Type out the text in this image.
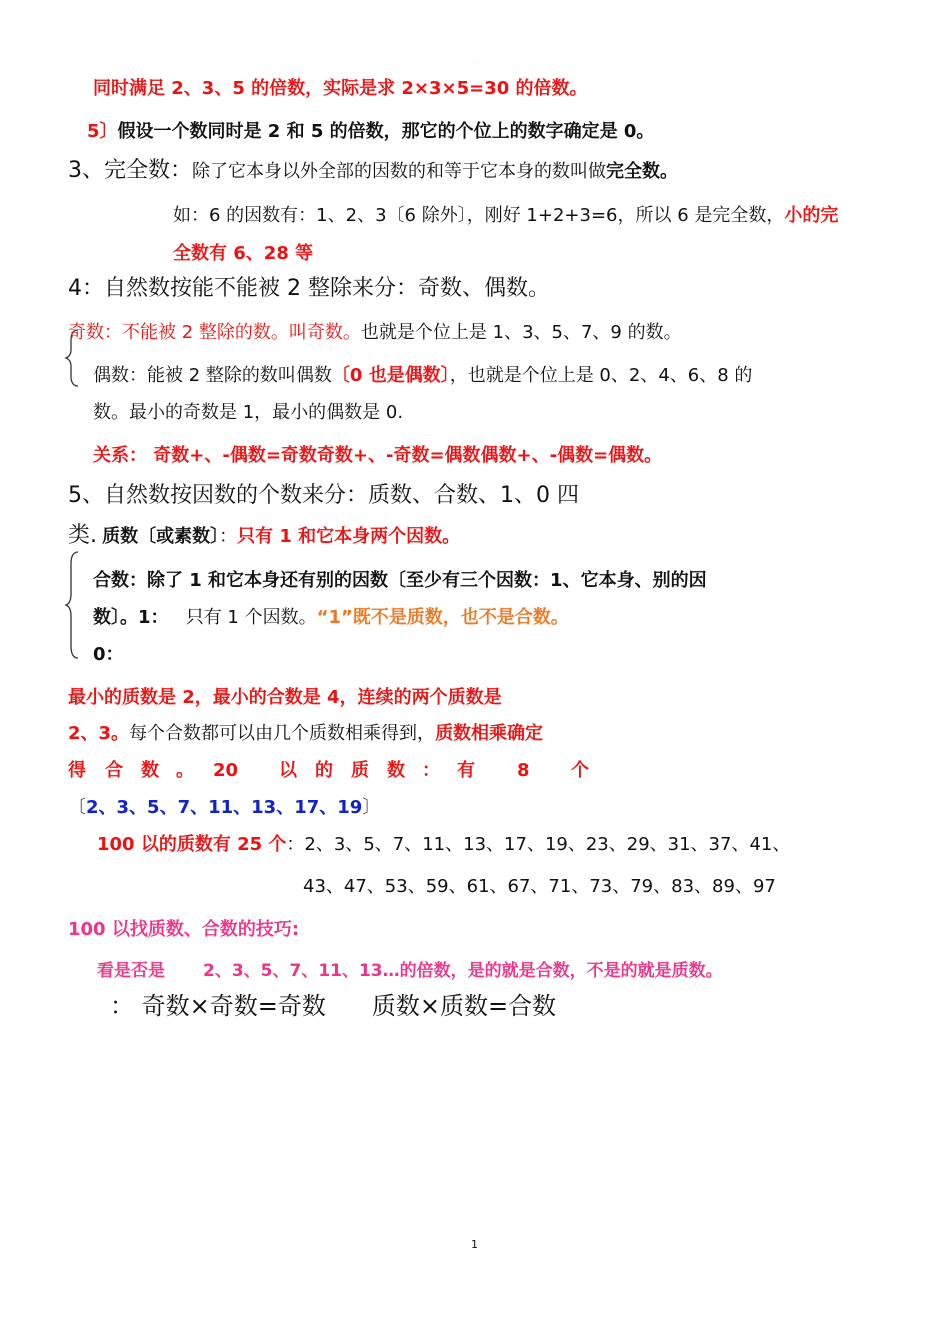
.
同时满足 2、3、5 的倍数，实际是求 2×3×5=30 的倍数。
5〕假设一个数同时是 2 和 5 的倍数，那它的个位上的数字确定是 0。
3、完全数：除了它本身以外全部的因数的和等于它本身的数叫做完全数。
如：6 的因数有：1、2、3〔6 除外〕，刚好 1+2+3=6，所以 6 是完全数，小的完
全数有 6、28 等
4：自然数按能不能被 2 整除来分：奇数、偶数。
奇数：不能被 2 整除的数。叫奇数。也就是个位上是 1、3、5、7、9 的数。
偶数：能被 2 整除的数叫偶数〔0 也是偶数〕，也就是个位上是 0、2、4、6、8 的
数。最小的奇数是 1，最小的偶数是 0.
关系： 奇数+、-偶数=奇数奇数+、-奇数=偶数偶数+、-偶数=偶数。
5、自然数按因数的个数来分：质数、合数、1、0 四
类. 质数〔或素数〕：只有 1 和它本身两个因数。
合数：除了 1 和它本身还有别的因数〔至少有三个因数：1、它本身、别的因
数〕。1： 只有 1 个因数。“1”既不是质数，也不是合数。
0：
最小的质数是 2，最小的合数是 4，连续的两个质数是
2、3。每个合数都可以由几个质数相乘得到，质数相乘确定
得 合 数 。 20 以 的 质 数 ： 有 8 个
〔2、3、5、7、11、13、17、19〕
100 以的质数有 25 个：2、3、5、7、11、13、17、19、23、29、31、37、41、
43、47、53、59、61、67、71、73、79、83、89、97
100 以找质数、合数的技巧:
看是否是 2、3、5、7、11、13…的倍数，是的就是合数，不是的就是质数。
： 奇数×奇数=奇数 质数×质数=合数
1
